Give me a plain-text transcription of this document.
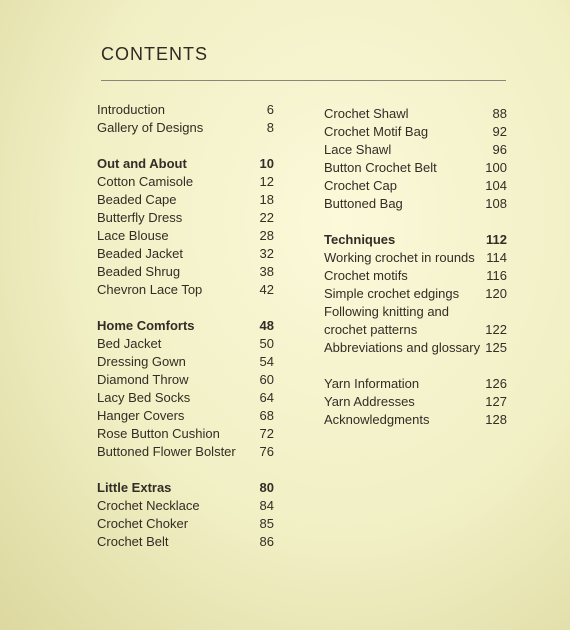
CONTENTS
Introduction	6
Gallery of Designs	8
Out and About	10
Cotton Camisole	12
Beaded Cape	18
Butterfly Dress	22
Lace Blouse	28
Beaded Jacket	32
Beaded Shrug	38
Chevron Lace Top	42
Home Comforts	48
Bed Jacket	50
Dressing Gown	54
Diamond Throw	60
Lacy Bed Socks	64
Hanger Covers	68
Rose Button Cushion	72
Buttoned Flower Bolster	76
Little Extras	80
Crochet Necklace	84
Crochet Choker	85
Crochet Belt	86
Crochet Shawl	88
Crochet Motif Bag	92
Lace Shawl	96
Button Crochet Belt	100
Crochet Cap	104
Buttoned Bag	108
Techniques	112
Working crochet in rounds 114
Crochet motifs	116
Simple crochet edgings	120
Following knitting and
crochet patterns	122
Abbreviations and glossary 125
Yarn Information	126
Yarn Addresses	127
Acknowledgments	128
